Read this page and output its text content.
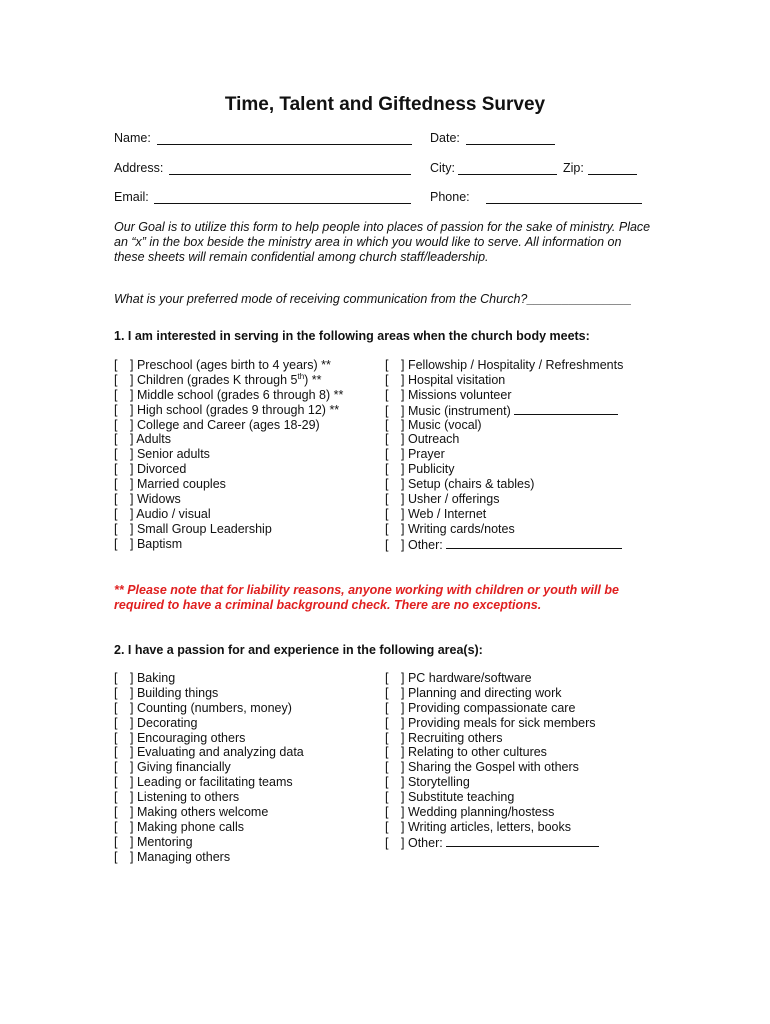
Time, Talent and Giftedness Survey
Name:	Date:
Address:	City:	Zip:
Email:	Phone:

Our Goal is to utilize this form to help people into places of passion for the sake of ministry. Place an “x” in the box beside the ministry area in which you would like to serve. All information on these sheets will remain confidential among church staff/leadership.

What is your preferred mode of receiving communication from the Church?_______________
1. I am interested in serving in the following areas when the church body meets:
[ ] Preschool (ages birth to 4 years) **
[ ] Children (grades K through 5th) **
[ ] Middle school (grades 6 through 8) **
[ ] High school (grades 9 through 12) **
[ ] College and Career (ages 18-29)
[ ] Adults
[ ] Senior adults
[ ] Divorced
[ ] Married couples
[ ] Widows
[ ] Audio / visual
[ ] Small Group Leadership
[ ] Baptism
[ ] Fellowship / Hospitality / Refreshments
[ ] Hospital visitation
[ ] Missions volunteer
[ ] Music (instrument)
[ ] Music (vocal)
[ ] Outreach
[ ] Prayer
[ ] Publicity
[ ] Setup (chairs & tables)
[ ] Usher / offerings
[ ] Web / Internet
[ ] Writing cards/notes
[ ] Other:

** Please note that for liability reasons, anyone working with children or youth will be required to have a criminal background check. There are no exceptions.

2. I have a passion for and experience in the following area(s):
[ ] Baking
[ ] Building things
[ ] Counting (numbers, money)
[ ] Decorating
[ ] Encouraging others
[ ] Evaluating and analyzing data
[ ] Giving financially
[ ] Leading or facilitating teams
[ ] Listening to others
[ ] Making others welcome
[ ] Making phone calls
[ ] Mentoring
[ ] Managing others
[ ] PC hardware/software
[ ] Planning and directing work
[ ] Providing compassionate care
[ ] Providing meals for sick members
[ ] Recruiting others
[ ] Relating to other cultures
[ ] Sharing the Gospel with others
[ ] Storytelling
[ ] Substitute teaching
[ ] Wedding planning/hostess
[ ] Writing articles, letters, books
[ ] Other:
